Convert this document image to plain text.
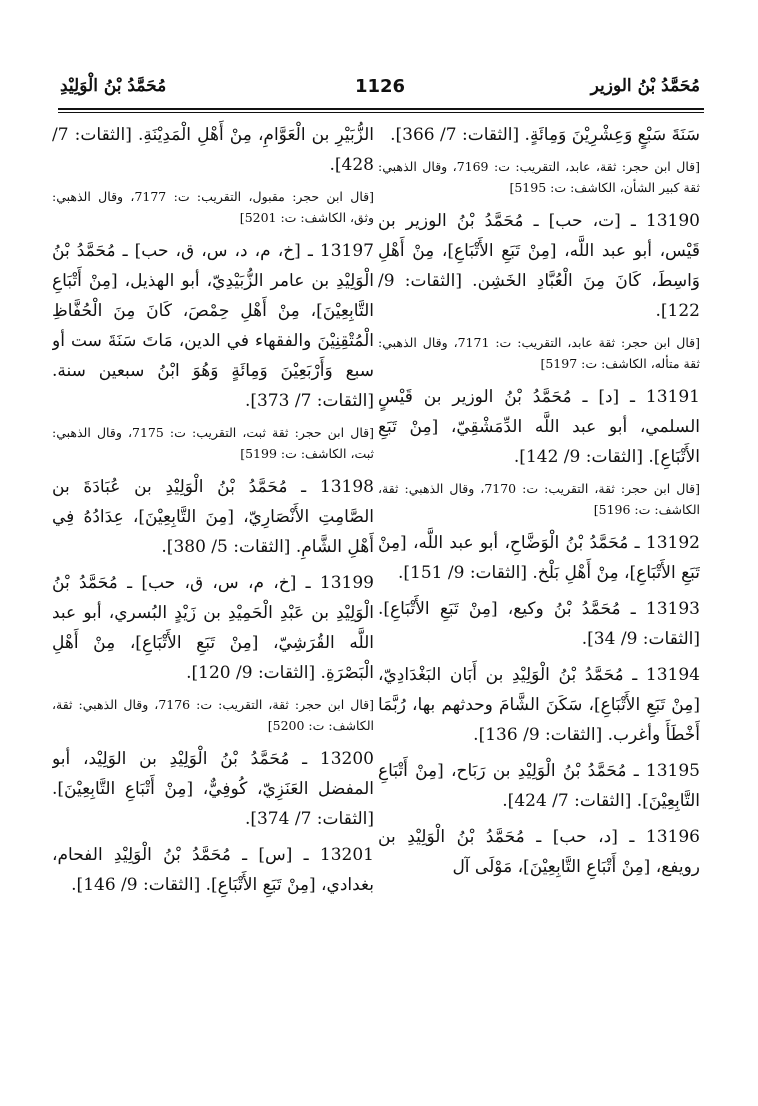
مُحَمَّدُ بْنُ الوزير
1126
مُحَمَّدُ بْنُ الْوَلِيْدِ

سَنَةَ سَبْعٍ وَعِشْرِيْنَ وَمِائَةٍ. [الثقات: 7/ 366].

[قال ابن حجر: ثقة، عابد، التقريب: ت: 7169، وقال الذهبي: ثقة كبير الشأن، الكاشف: ت: 5195]

13190 ـ [ت، حب] ـ مُحَمَّدُ بْنُ الوزير بن قَيْس، أبو عبد اللَّه، [مِنْ تَبَعِ الأَتْبَاعِ]، مِنْ أَهْلِ وَاسِطَ، كَانَ مِنَ الْعُبَّادِ الخَشِن. [الثقات: 9/ 122].

[قال ابن حجر: ثقة عابد، التقريب: ت: 7171، وقال الذهبي: ثقة متأله، الكاشف: ت: 5197]

13191 ـ [د] ـ مُحَمَّدُ بْنُ الوزير بن قَيْسٍ السلمي، أبو عبد اللَّه الدِّمَشْقِيّ، [مِنْ تَبَعِ الأَتْبَاعِ]. [الثقات: 9/ 142].

[قال ابن حجر: ثقة، التقريب: ت: 7170، وقال الذهبي: ثقة، الكاشف: ت: 5196]

13192 ـ مُحَمَّدُ بْنُ الْوَضَّاحِ، أبو عبد اللَّه، [مِنْ تَبَعِ الأَتْبَاعِ]، مِنْ أَهْلِ بَلْخ. [الثقات: 9/ 151].

13193 ـ مُحَمَّدُ بْنُ وكيع، [مِنْ تَبَعِ الأَتْبَاعِ]. [الثقات: 9/ 34].

13194 ـ مُحَمَّدُ بْنُ الْوَلِيْدِ بن أَبَان البَغْدَادِيّ، [مِنْ تَبَعِ الأَتْبَاعِ]، سَكَنَ الشَّامَ وحدثهم بها، رُبَّمَا أَخْطَأَ وأغرب. [الثقات: 9/ 136].

13195 ـ مُحَمَّدُ بْنُ الْوَلِيْدِ بن رَبَاح، [مِنْ أَتْبَاعِ التَّابِعِيْنَ]. [الثقات: 7/ 424].

13196 ـ [د، حب] ـ مُحَمَّدُ بْنُ الْوَلِيْدِ بن رويفع، [مِنْ أَتْبَاعِ التَّابِعِيْنَ]، مَوْلَى آل

الزُّبَيْرِ بن الْعَوَّامِ، مِنْ أَهْلِ الْمَدِيْنَةِ. [الثقات: 7/ 428].

[قال ابن حجر: مقبول، التقريب: ت: 7177، وقال الذهبي: وثق، الكاشف: ت: 5201]

13197 ـ [خ، م، د، س، ق، حب] ـ مُحَمَّدُ بْنُ الْوَلِيْدِ بن عامر الزُّبَيْدِيّ، أبو الهذيل، [مِنْ أَتْبَاعِ التَّابِعِيْنَ]، مِنْ أَهْلِ حِمْصَ، كَانَ مِنَ الْحُفَّاظِ الْمُتْقِنِيْنَ والفقهاء في الدين، مَاتَ سَنَةَ ست أو سبع وَأَرْبَعِيْنَ وَمِائَةٍ وَهُوَ ابْنُ سبعين سنة. [الثقات: 7/ 373].

[قال ابن حجر: ثقة ثبت، التقريب: ت: 7175، وقال الذهبي: ثبت، الكاشف: ت: 5199]

13198 ـ مُحَمَّدُ بْنُ الْوَلِيْدِ بن عُبَادَةَ بن الصَّامِتِ الأَنْصَارِيّ، [مِنَ التَّابِعِيْنَ]، عِدَادُهُ فِي أَهْلِ الشَّامِ. [الثقات: 5/ 380].

13199 ـ [خ، م، س، ق، حب] ـ مُحَمَّدُ بْنُ الْوَلِيْدِ بن عَبْدِ الْحَمِيْدِ بن زَيْدٍ البُسري، أبو عبد اللَّه القُرَشِيّ، [مِنْ تَبَعِ الأَتْبَاعِ]، مِنْ أَهْلِ الْبَصْرَةِ. [الثقات: 9/ 120].

[قال ابن حجر: ثقة، التقريب: ت: 7176، وقال الذهبي: ثقة، الكاشف: ت: 5200]

13200 ـ مُحَمَّدُ بْنُ الْوَلِيْدِ بن الوَلِيْد، أبو المفضل العَنَزِيّ، كُوفِيٌّ، [مِنْ أَتْبَاعِ التَّابِعِيْنَ]. [الثقات: 7/ 374].

13201 ـ [س] ـ مُحَمَّدُ بْنُ الْوَلِيْدِ الفحام، بغدادي، [مِنْ تَبَعِ الأَتْبَاعِ]. [الثقات: 9/ 146].
